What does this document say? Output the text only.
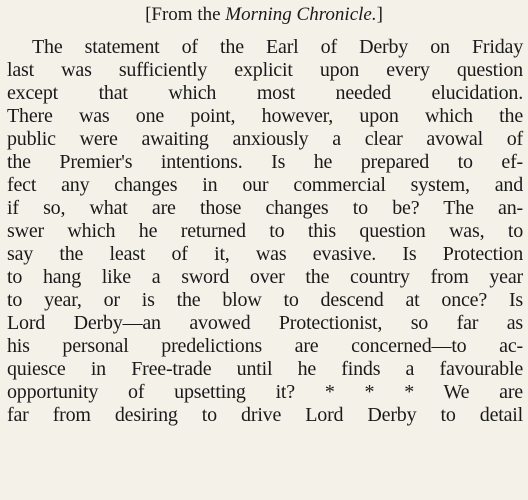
[From the Morning Chronicle.]
The statement of the Earl of Derby on Friday
last was sufficiently explicit upon every question
except that which most needed elucidation.
There was one point, however, upon which the
public were awaiting anxiously a clear avowal of
the Premier's intentions. Is he prepared to ef-
fect any changes in our commercial system, and
if so, what are those changes to be? The an-
swer which he returned to this question was, to
say the least of it, was evasive. Is Protection
to hang like a sword over the country from year
to year, or is the blow to descend at once? Is
Lord Derby—an avowed Protectionist, so far as
his personal predelictions are concerned—to ac-
quiesce in Free-trade until he finds a favourable
opportunity of upsetting it? * * * We are
far from desiring to drive Lord Derby to detail
